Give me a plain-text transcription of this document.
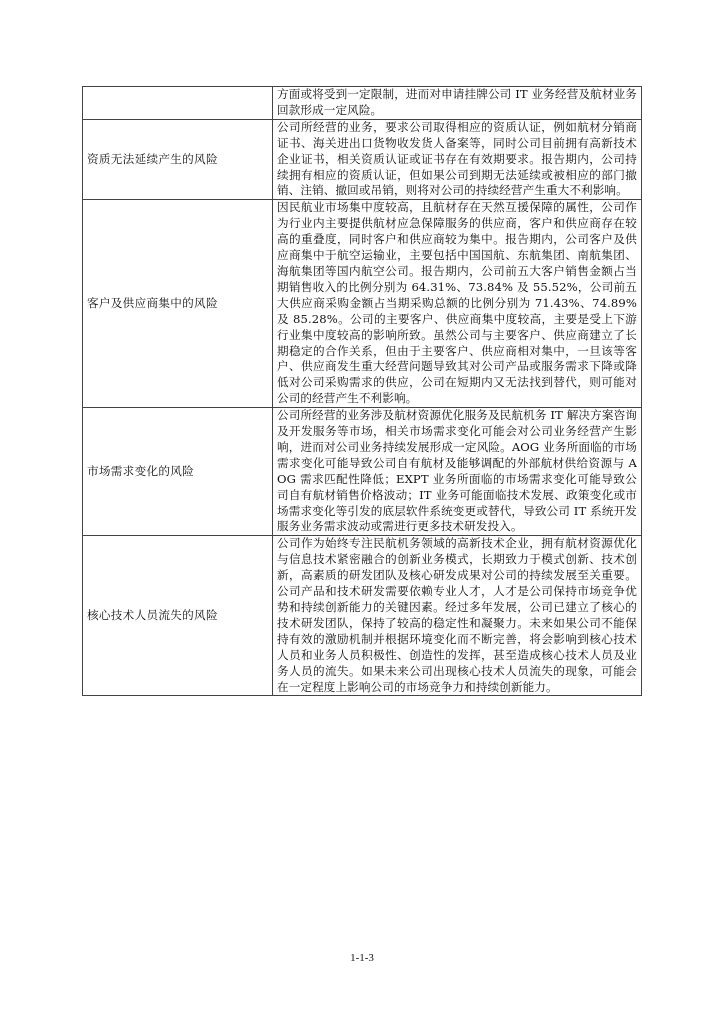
	方面或将受到一定限制，进而对申请挂牌公司 IT 业务经营及航材业务回款形成一定风险。
资质无法延续产生的风险	公司所经营的业务，要求公司取得相应的资质认证，例如航材分销商证书、海关进出口货物收发货人备案等，同时公司目前拥有高新技术企业证书，相关资质认证或证书存在有效期要求。报告期内，公司持续拥有相应的资质认证，但如果公司到期无法延续或被相应的部门撤销、注销、撤回或吊销，则将对公司的持续经营产生重大不利影响。
客户及供应商集中的风险	因民航业市场集中度较高，且航材存在天然互援保障的属性，公司作为行业内主要提供航材应急保障服务的供应商，客户和供应商存在较高的重叠度，同时客户和供应商较为集中。报告期内，公司客户及供应商集中于航空运输业，主要包括中国国航、东航集团、南航集团、海航集团等国内航空公司。报告期内，公司前五大客户销售金额占当期销售收入的比例分别为 64.31%、73.84% 及 55.52%，公司前五大供应商采购金额占当期采购总额的比例分别为 71.43%、74.89%及 85.28%。公司的主要客户、供应商集中度较高，主要是受上下游行业集中度较高的影响所致。虽然公司与主要客户、供应商建立了长期稳定的合作关系，但由于主要客户、供应商相对集中，一旦该等客户、供应商发生重大经营问题导致其对公司产品或服务需求下降或降低对公司采购需求的供应，公司在短期内又无法找到替代，则可能对公司的经营产生不利影响。
市场需求变化的风险	公司所经营的业务涉及航材资源优化服务及民航机务 IT 解决方案咨询及开发服务等市场，相关市场需求变化可能会对公司业务经营产生影响，进而对公司业务持续发展形成一定风险。AOG 业务所面临的市场需求变化可能导致公司自有航材及能够调配的外部航材供给资源与 AOG 需求匹配性降低；EXPT 业务所面临的市场需求变化可能导致公司自有航材销售价格波动；IT 业务可能面临技术发展、政策变化或市场需求变化等引发的底层软件系统变更或替代，导致公司 IT 系统开发服务业务需求波动或需进行更多技术研发投入。
核心技术人员流失的风险	公司作为始终专注民航机务领域的高新技术企业，拥有航材资源优化与信息技术紧密融合的创新业务模式，长期致力于模式创新、技术创新，高素质的研发团队及核心研发成果对公司的持续发展至关重要。公司产品和技术研发需要依赖专业人才，人才是公司保持市场竞争优势和持续创新能力的关键因素。经过多年发展，公司已建立了核心的技术研发团队，保持了较高的稳定性和凝聚力。未来如果公司不能保持有效的激励机制并根据环境变化而不断完善，将会影响到核心技术人员和业务人员积极性、创造性的发挥，甚至造成核心技术人员及业务人员的流失。如果未来公司出现核心技术人员流失的现象，可能会在一定程度上影响公司的市场竞争力和持续创新能力。
1-1-3
